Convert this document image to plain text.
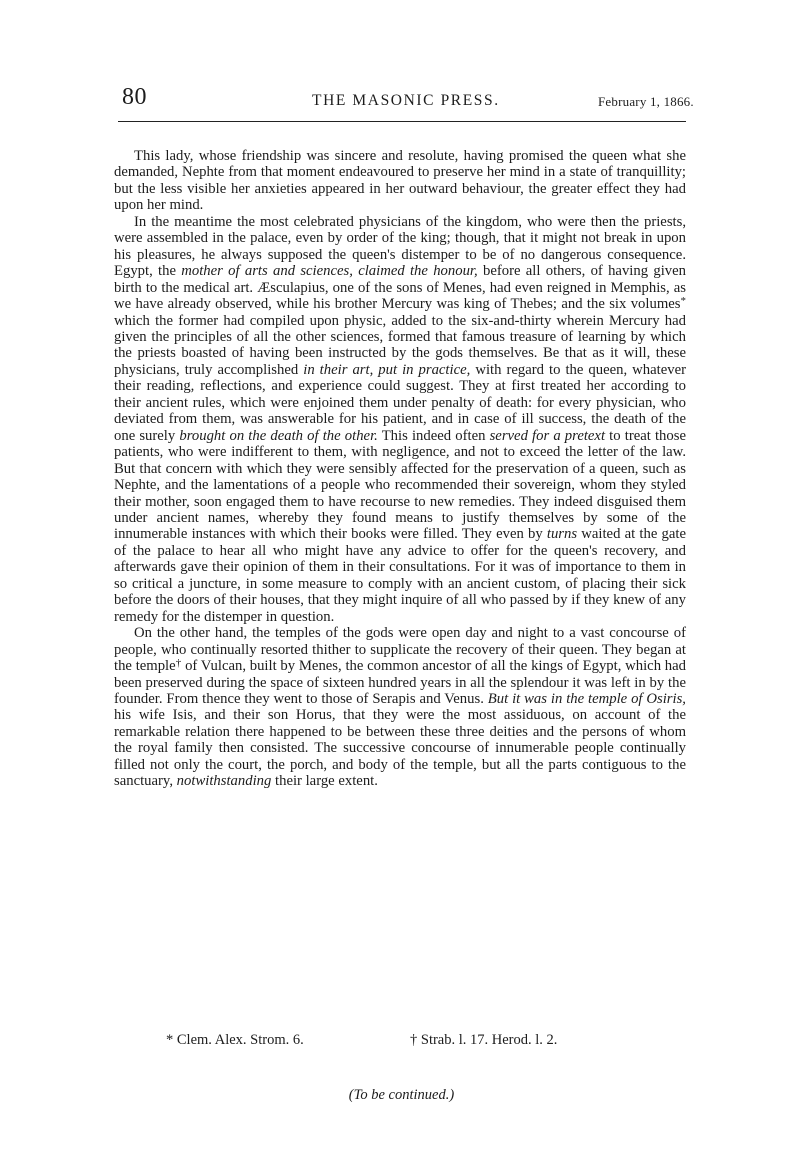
80	THE MASONIC PRESS.	February 1, 1866.

This lady, whose friendship was sincere and resolute, having promised the queen what she demanded, Nephte from that moment endeavoured to preserve her mind in a state of tranquillity; but the less visible her anxieties appeared in her outward behaviour, the greater effect they had upon her mind.

In the meantime the most celebrated physicians of the kingdom, who were then the priests, were assembled in the palace, even by order of the king; though, that it might not break in upon his pleasures, he always supposed the queen's distemper to be of no dangerous consequence. Egypt, the mother of arts and sciences, claimed the honour, before all others, of having given birth to the medical art. Æsculapius, one of the sons of Menes, had even reigned in Memphis, as we have already observed, while his brother Mercury was king of Thebes; and the six volumes* which the former had compiled upon physic, added to the six-and-thirty wherein Mercury had given the principles of all the other sciences, formed that famous treasure of learning by which the priests boasted of having been instructed by the gods themselves. Be that as it will, these physicians, truly accomplished in their art, put in practice, with regard to the queen, whatever their reading, reflections, and experience could suggest. They at first treated her according to their ancient rules, which were enjoined them under penalty of death: for every physician, who deviated from them, was answerable for his patient, and in case of ill success, the death of the one surely brought on the death of the other. This indeed often served for a pretext to treat those patients, who were indifferent to them, with negligence, and not to exceed the letter of the law. But that concern with which they were sensibly affected for the preservation of a queen, such as Nephte, and the lamentations of a people who recommended their sovereign, whom they styled their mother, soon engaged them to have recourse to new remedies. They indeed disguised them under ancient names, whereby they found means to justify themselves by some of the innumerable instances with which their books were filled. They even by turns waited at the gate of the palace to hear all who might have any advice to offer for the queen's recovery, and afterwards gave their opinion of them in their consultations. For it was of importance to them in so critical a juncture, in some measure to comply with an ancient custom, of placing their sick before the doors of their houses, that they might inquire of all who passed by if they knew of any remedy for the distemper in question.

On the other hand, the temples of the gods were open day and night to a vast concourse of people, who continually resorted thither to supplicate the recovery of their queen. They began at the temple† of Vulcan, built by Menes, the common ancestor of all the kings of Egypt, which had been preserved during the space of sixteen hundred years in all the splendour it was left in by the founder. From thence they went to those of Serapis and Venus. But it was in the temple of Osiris, his wife Isis, and their son Horus, that they were the most assiduous, on account of the remarkable relation there happened to be between these three deities and the persons of whom the royal family then consisted. The successive concourse of innumerable people continually filled not only the court, the porch, and body of the temple, but all the parts contiguous to the sanctuary, notwithstanding their large extent.

* Clem. Alex. Strom. 6.	† Strab. l. 17. Herod. l. 2.
(To be continued.)
